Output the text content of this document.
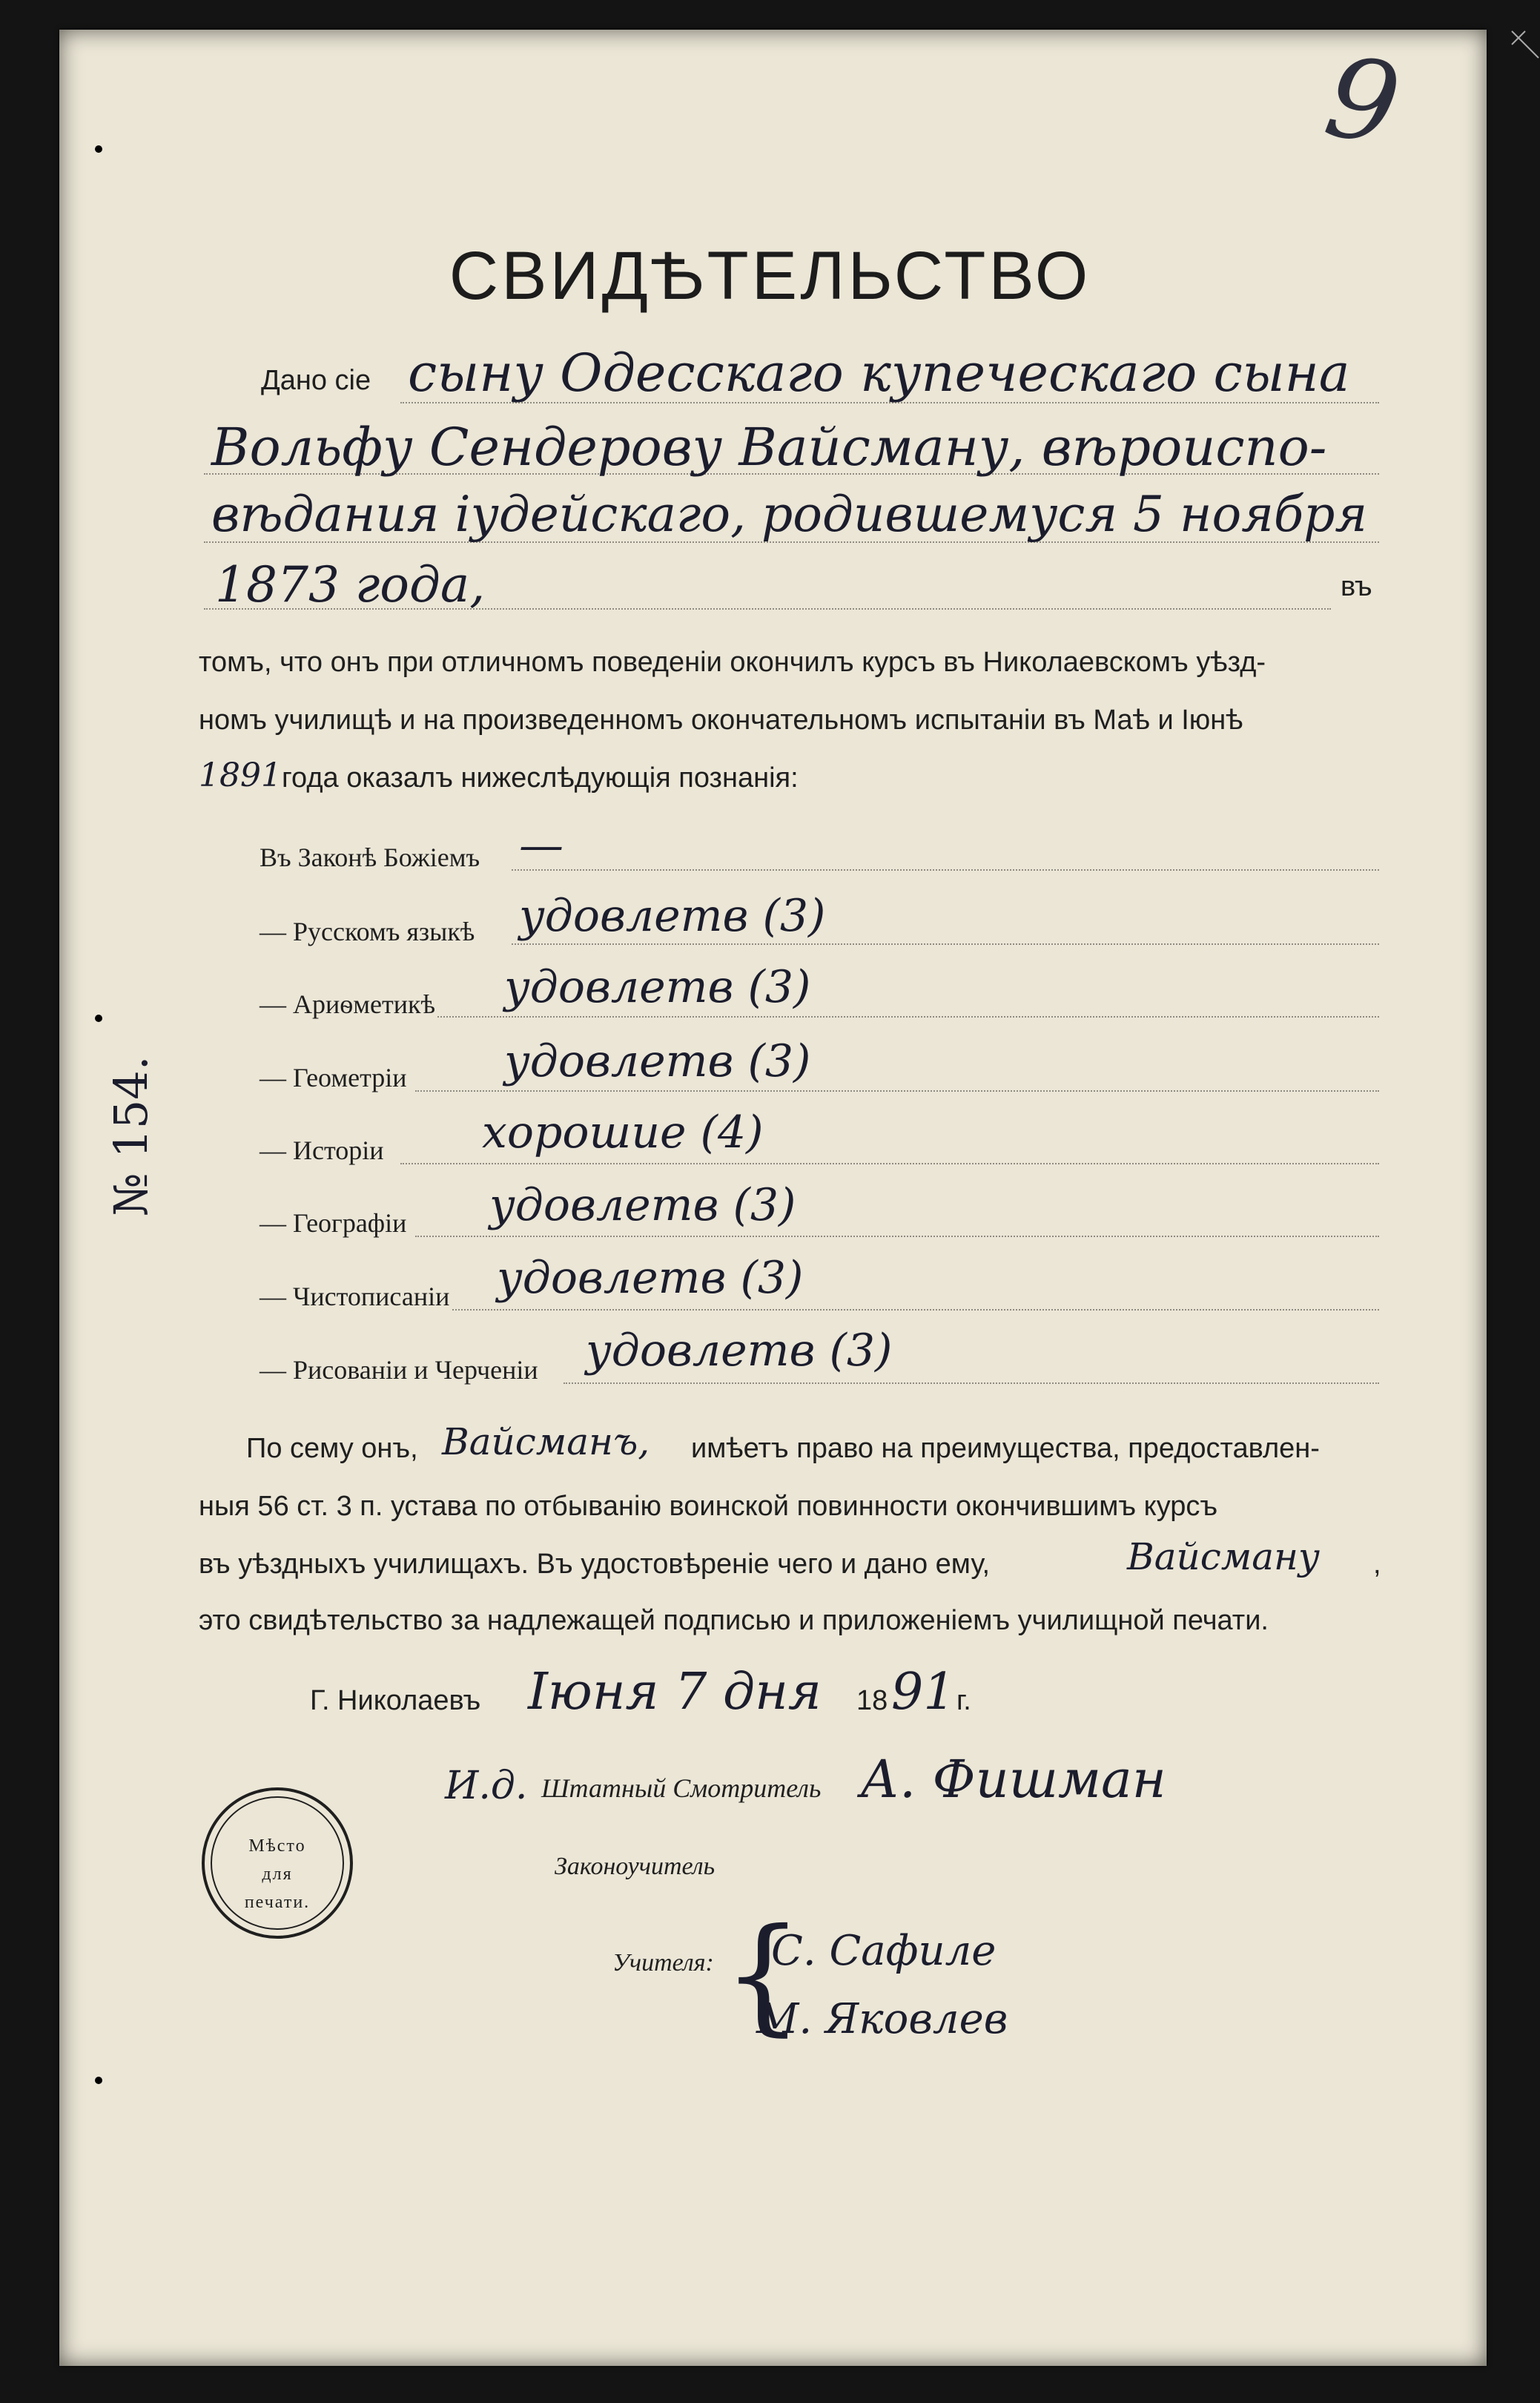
9
СВИДѢТЕЛЬСТВО
Дано сіе сыну Одесскаго купеческаго сына
Вольфу Сендерову Вайсману, вѣроиспо-
вѣдания іудейскаго, родившемуся 5 ноября
1873 года,	въ
томъ, что онъ при отличномъ поведенiи окончилъ курсъ въ Николаевскомъ уѣзд-
номъ училищѣ и на произведенномъ окончательномъ испытанiи въ Маѣ и Iюнѣ
1891 года оказалъ нижеслѣдующiя познанiя:
Въ Законѣ Божiемъ —
— Русскомъ языкѣ удовлетв (3)
— Ариѳметикѣ удовлетв (3)
— Геометрiи удовлетв (3)
— Исторiи хорошие (4)
— Географiи удовлетв (3)
— Чистописанiи удовлетв (3)
— Рисованiи и Черченiи удовлетв (3)
№ 154.
По сему онъ, Вайсманъ, имѣетъ право на преимущества, предоставлен-
ныя 56 ст. 3 п. устава по отбыванiю воинской повинности окончившимъ курсъ
въ уѣздныхъ училищахъ. Въ удостовѣренiе чего и дано ему,	Вайсману ,
это свидѣтельство за надлежащей подписью и приложенiемъ училищной печати.
Г. Николаевъ Iюня 7 дня 18 91 г.
И.д. Штатный Смотритель А. Фишман
Законоучитель
Учителя: {
С. Сафиле
М. Яковлев
Мѣсто
для
печати.
